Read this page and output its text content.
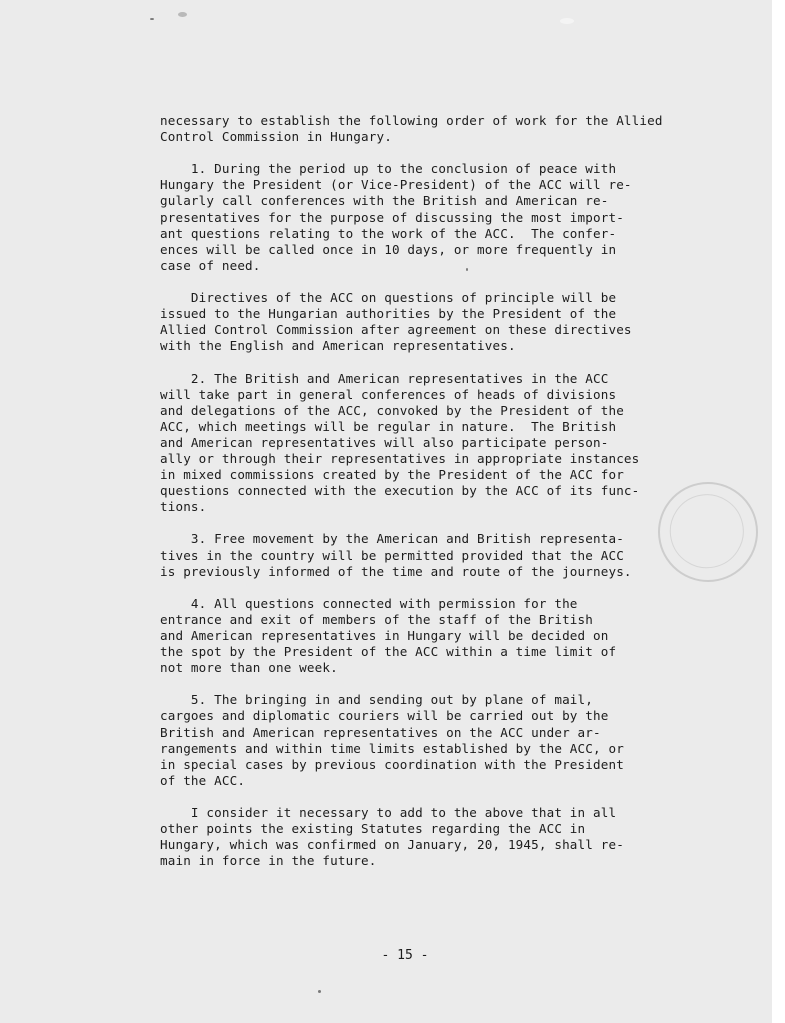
necessary to establish the following order of work for the Allied
Control Commission in Hungary.
1. During the period up to the conclusion of peace with
Hungary the President (or Vice-President) of the ACC will re-
gularly call conferences with the British and American re-
presentatives for the purpose of discussing the most import-
ant questions relating to the work of the ACC.  The confer-
ences will be called once in 10 days, or more frequently in
case of need.
Directives of the ACC on questions of principle will be
issued to the Hungarian authorities by the President of the
Allied Control Commission after agreement on these directives
with the English and American representatives.
2. The British and American representatives in the ACC
will take part in general conferences of heads of divisions
and delegations of the ACC, convoked by the President of the
ACC, which meetings will be regular in nature.  The British
and American representatives will also participate person-
ally or through their representatives in appropriate instances
in mixed commissions created by the President of the ACC for
questions connected with the execution by the ACC of its func-
tions.
3. Free movement by the American and British representa-
tives in the country will be permitted provided that the ACC
is previously informed of the time and route of the journeys.
4. All questions connected with permission for the
entrance and exit of members of the staff of the British
and American representatives in Hungary will be decided on
the spot by the President of the ACC within a time limit of
not more than one week.
5. The bringing in and sending out by plane of mail,
cargoes and diplomatic couriers will be carried out by the
British and American representatives on the ACC under ar-
rangements and within time limits established by the ACC, or
in special cases by previous coordination with the President
of the ACC.
I consider it necessary to add to the above that in all
other points the existing Statutes regarding the ACC in
Hungary, which was confirmed on January, 20, 1945, shall re-
main in force in the future.
- 15 -
